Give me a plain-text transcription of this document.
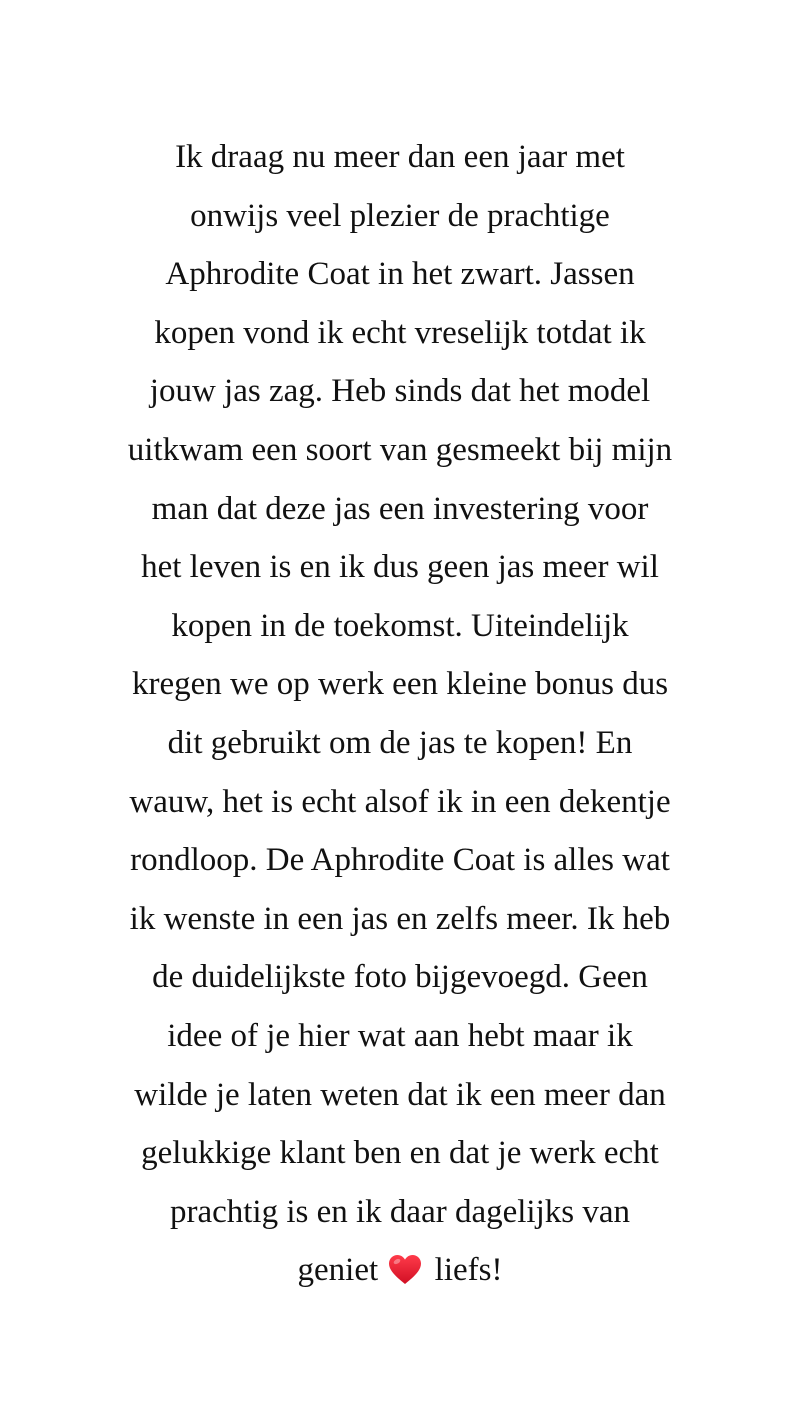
Ik draag nu meer dan een jaar met
onwijs veel plezier de prachtige
Aphrodite Coat in het zwart. Jassen
kopen vond ik echt vreselijk totdat ik
jouw jas zag. Heb sinds dat het model
uitkwam een soort van gesmeekt bij mijn
man dat deze jas een investering voor
het leven is en ik dus geen jas meer wil
kopen in de toekomst. Uiteindelijk
kregen we op werk een kleine bonus dus
dit gebruikt om de jas te kopen! En
wauw, het is echt alsof ik in een dekentje
rondloop. De Aphrodite Coat is alles wat
ik wenste in een jas en zelfs meer. Ik heb
de duidelijkste foto bijgevoegd. Geen
idee of je hier wat aan hebt maar ik
wilde je laten weten dat ik een meer dan
gelukkige klant ben en dat je werk echt
prachtig is en ik daar dagelijks van
geniet liefs!
